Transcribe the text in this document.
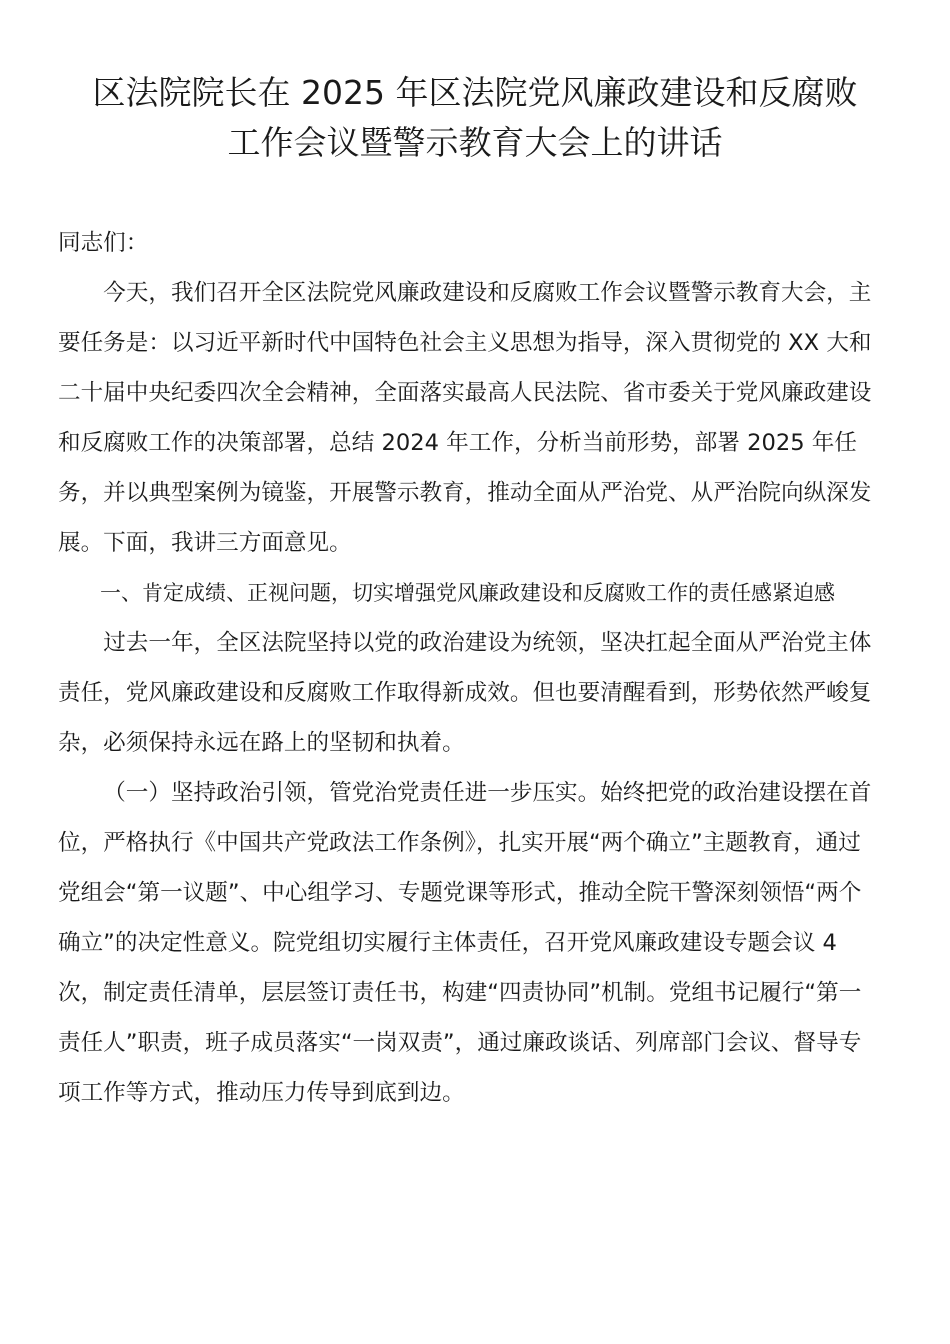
区法院院长在 2025 年区法院党风廉政建设和反腐败
工作会议暨警示教育大会上的讲话

同志们：

今天，我们召开全区法院党风廉政建设和反腐败工作会议暨警示教育大会，主要任务是：以习近平新时代中国特色社会主义思想为指导，深入贯彻党的 XX 大和二十届中央纪委四次全会精神，全面落实最高人民法院、省市委关于党风廉政建设和反腐败工作的决策部署，总结 2024 年工作，分析当前形势，部署 2025 年任务，并以典型案例为镜鉴，开展警示教育，推动全面从严治党、从严治院向纵深发展。下面，我讲三方面意见。

一、肯定成绩、正视问题，切实增强党风廉政建设和反腐败工作的责任感紧迫感

过去一年，全区法院坚持以党的政治建设为统领，坚决扛起全面从严治党主体责任，党风廉政建设和反腐败工作取得新成效。但也要清醒看到，形势依然严峻复杂，必须保持永远在路上的坚韧和执着。

（一）坚持政治引领，管党治党责任进一步压实。始终把党的政治建设摆在首位，严格执行《中国共产党政法工作条例》，扎实开展“两个确立”主题教育，通过党组会“第一议题”、中心组学习、专题党课等形式，推动全院干警深刻领悟“两个确立”的决定性意义。院党组切实履行主体责任，召开党风廉政建设专题会议 4 次，制定责任清单，层层签订责任书，构建“四责协同”机制。党组书记履行“第一责任人”职责，班子成员落实“一岗双责”，通过廉政谈话、列席部门会议、督导专项工作等方式，推动压力传导到底到边。
